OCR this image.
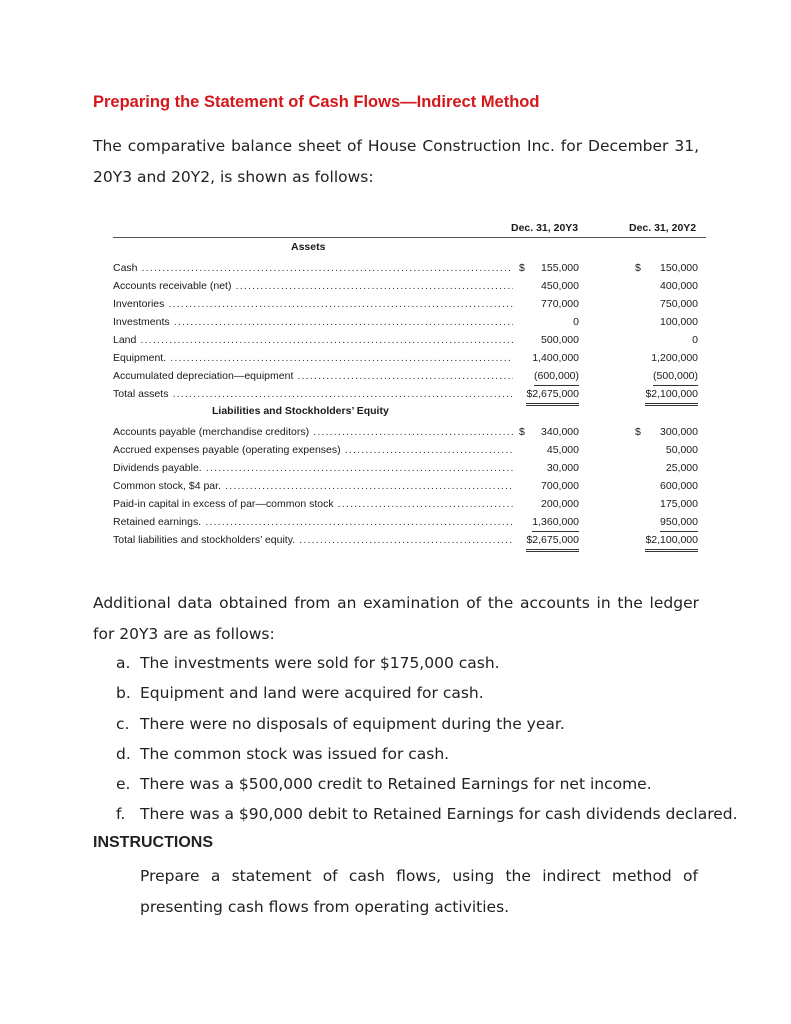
Preparing the Statement of Cash Flows—Indirect Method
The comparative balance sheet of House Construction Inc. for December 31, 20Y3 and 20Y2, is shown as follows:
Dec. 31, 20Y3	Dec. 31, 20Y2
Assets
Cash .....	$ 155,000	$ 150,000
Accounts receivable (net) .....	450,000	400,000
Inventories .....	770,000	750,000
Investments .....	0	100,000
Land .....	500,000	0
Equipment. .....	1,400,000	1,200,000
Accumulated depreciation—equipment .....	(600,000)	(500,000)
Total assets .....	$2,675,000	$2,100,000
Liabilities and Stockholders’ Equity
Accounts payable (merchandise creditors) .....	$ 340,000	$ 300,000
Accrued expenses payable (operating expenses) .....	45,000	50,000
Dividends payable. .....	30,000	25,000
Common stock, $4 par. .....	700,000	600,000
Paid-in capital in excess of par—common stock .....	200,000	175,000
Retained earnings. .....	1,360,000	950,000
Total liabilities and stockholders’ equity. .....	$2,675,000	$2,100,000
Additional data obtained from an examination of the accounts in the ledger for 20Y3 are as follows:
a. The investments were sold for $175,000 cash.
b. Equipment and land were acquired for cash.
c. There were no disposals of equipment during the year.
d. The common stock was issued for cash.
e. There was a $500,000 credit to Retained Earnings for net income.
f. There was a $90,000 debit to Retained Earnings for cash dividends declared.
INSTRUCTIONS
Prepare a statement of cash flows, using the indirect method of presenting cash flows from operating activities.
